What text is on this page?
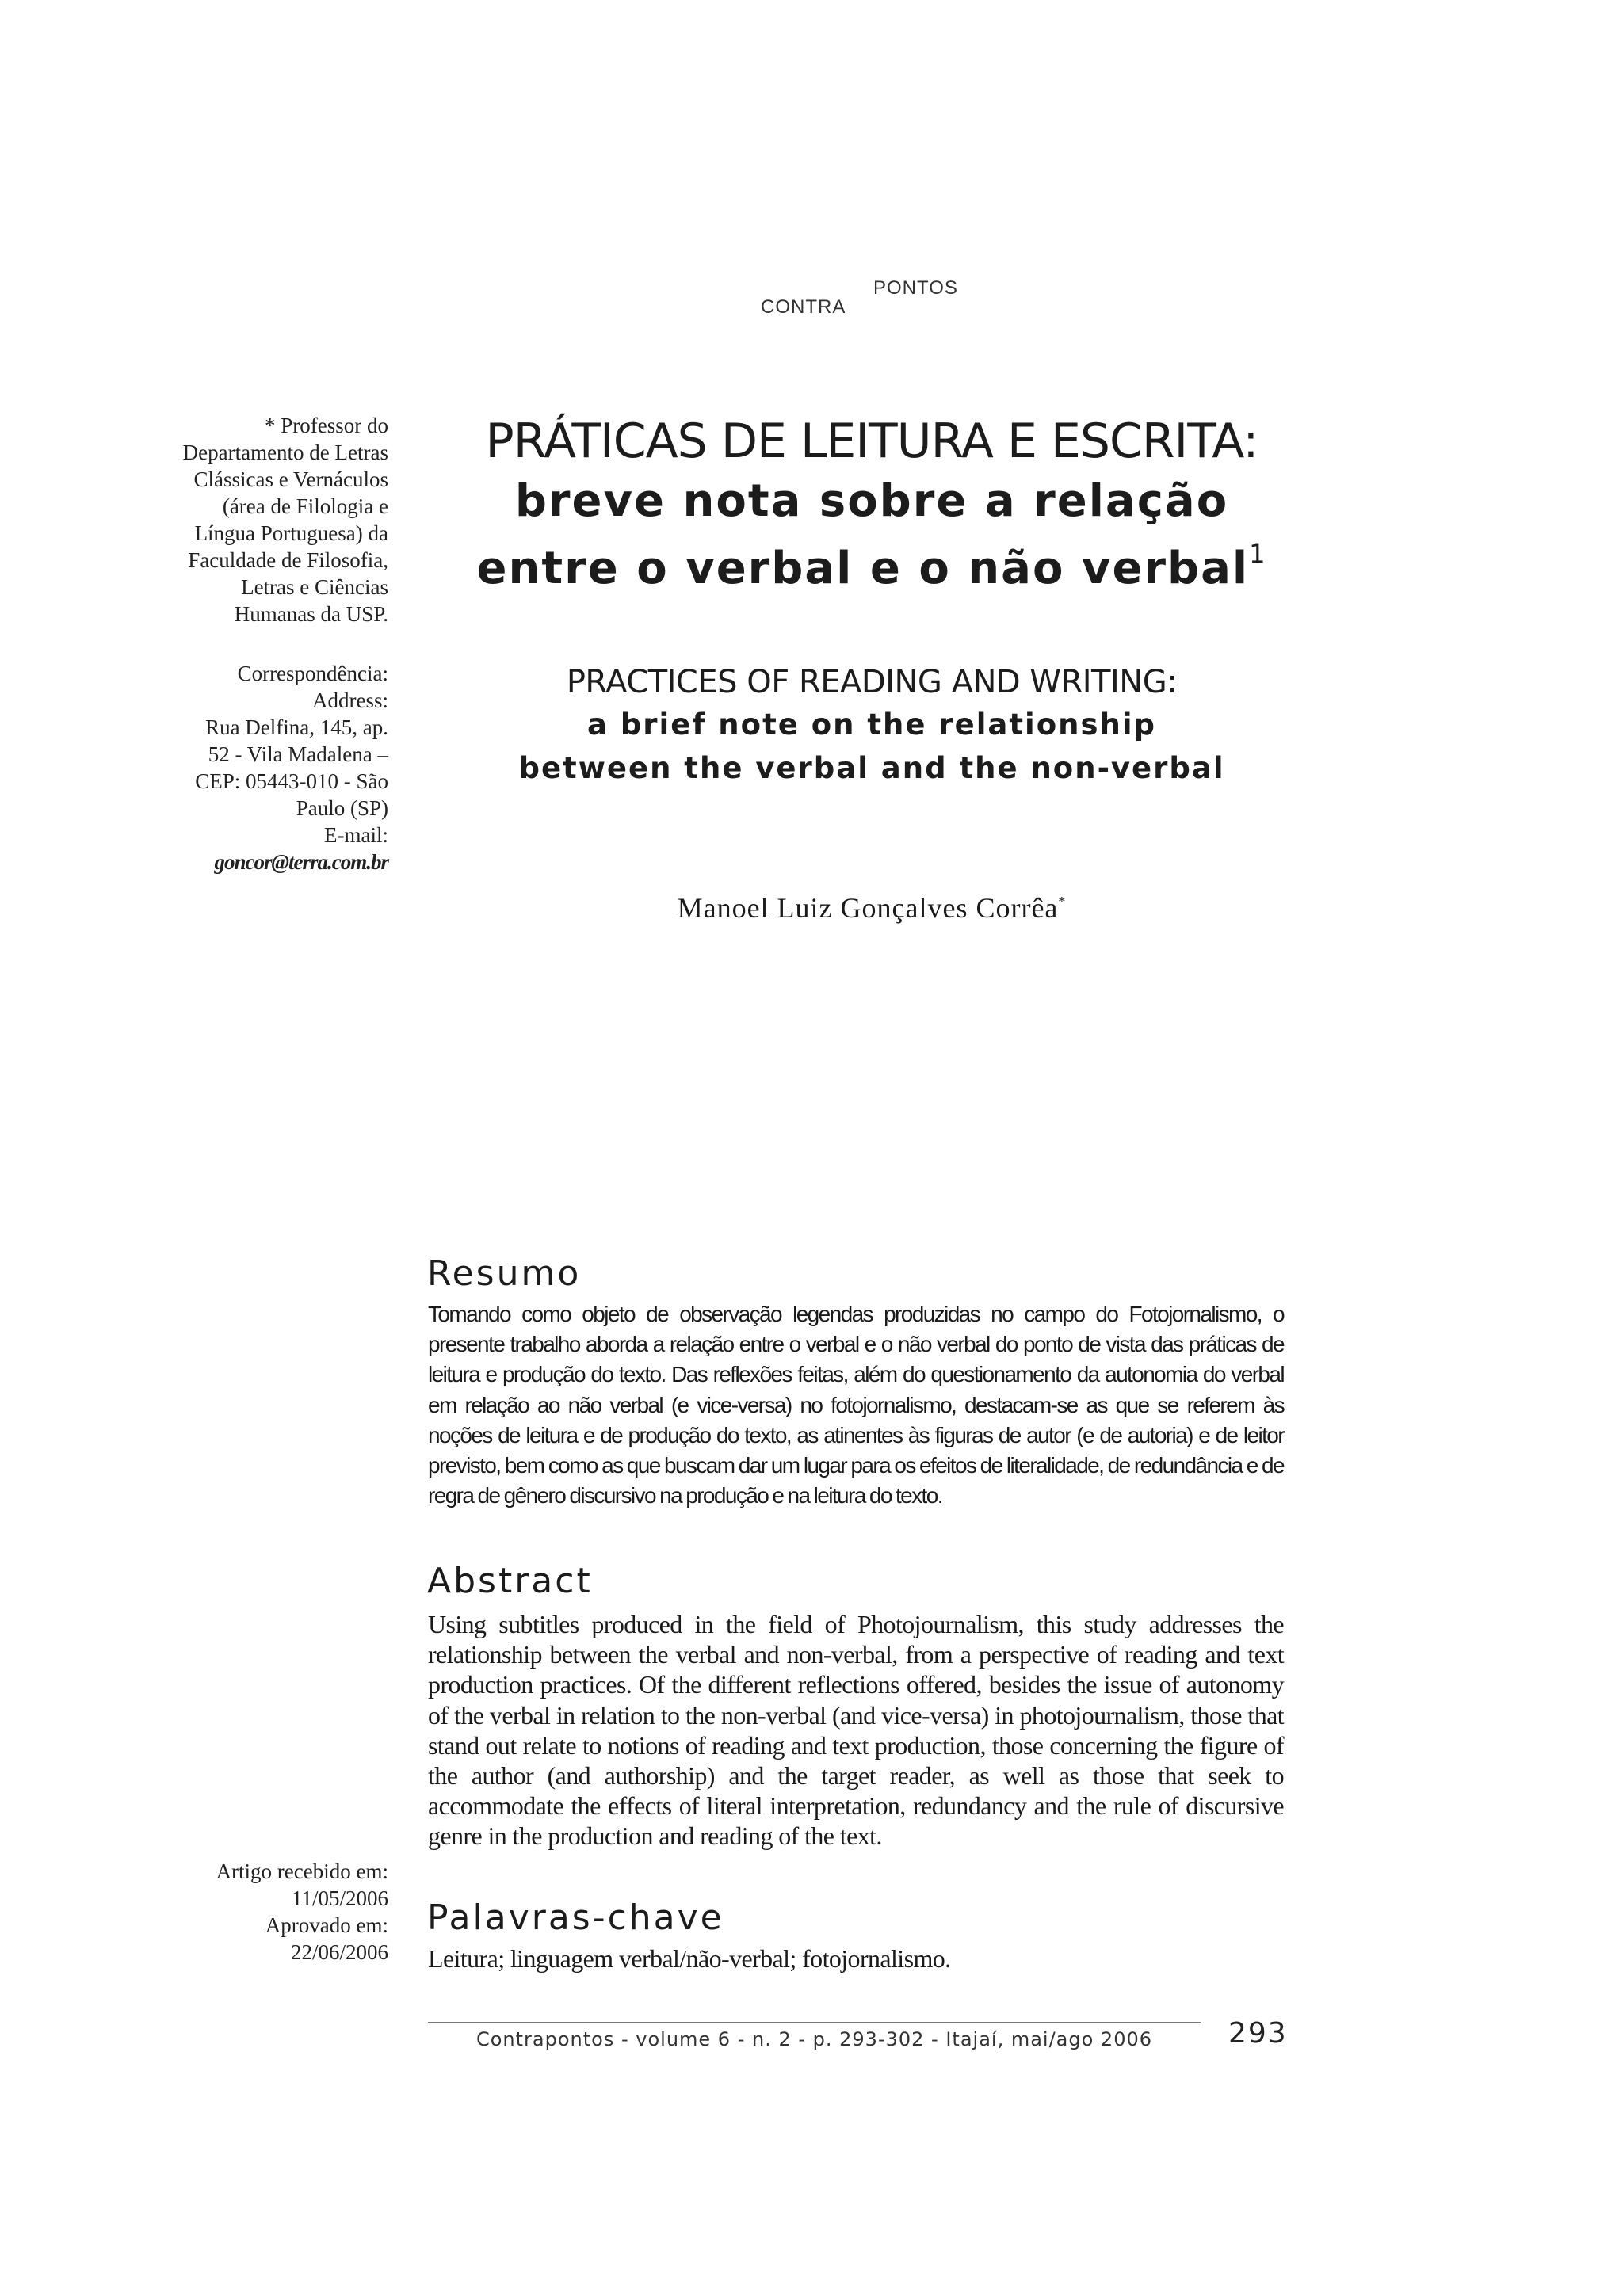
PONTOS
CONTRA
* Professor do
Departamento de Letras
Clássicas e Vernáculos
(área de Filologia e
Língua Portuguesa) da
Faculdade de Filosofia,
Letras e Ciências
Humanas da USP.
Correspondência:
Address:
Rua Delfina, 145, ap.
52 - Vila Madalena –
CEP: 05443-010 - São
Paulo (SP)
E-mail:
goncor@terra.com.br
PRÁTICAS DE LEITURA E ESCRITA:
breve nota sobre a relação
entre o verbal e o não verbal$^1$
PRACTICES OF READING AND WRITING:
a brief note on the relationship
between the verbal and the non-verbal
Manoel Luiz Gonçalves Corrêa*
Resumo
Tomando como objeto de observação legendas produzidas no campo do Fotojornalismo, o presente trabalho aborda a relação entre o verbal e o não verbal do ponto de vista das práticas de leitura e produção do texto. Das reflexões feitas, além do questionamento da autonomia do verbal em relação ao não verbal (e vice-versa) no fotojornalismo, destacam-se as que se referem às noções de leitura e de produção do texto, as atinentes às figuras de autor (e de autoria) e de leitor previsto, bem como as que buscam dar um lugar para os efeitos de literalidade, de redundância e de regra de gênero discursivo na produção e na leitura do texto.
Abstract
Using subtitles produced in the field of Photojournalism, this study addresses the relationship between the verbal and non-verbal, from a perspective of reading and text production practices. Of the different reflections offered, besides the issue of autonomy of the verbal in relation to the non-verbal (and vice-versa) in photojournalism, those that stand out relate to notions of reading and text production, those concerning the figure of the author (and authorship) and the target reader, as well as those that seek to accommodate the effects of literal interpretation, redundancy and the rule of discursive genre in the production and reading of the text.
Artigo recebido em:
11/05/2006
Aprovado em:
22/06/2006
Palavras-chave
Leitura; linguagem verbal/não-verbal; fotojornalismo.
Contrapontos - volume 6 - n. 2 - p. 293-302 - Itajaí, mai/ago 2006	293
